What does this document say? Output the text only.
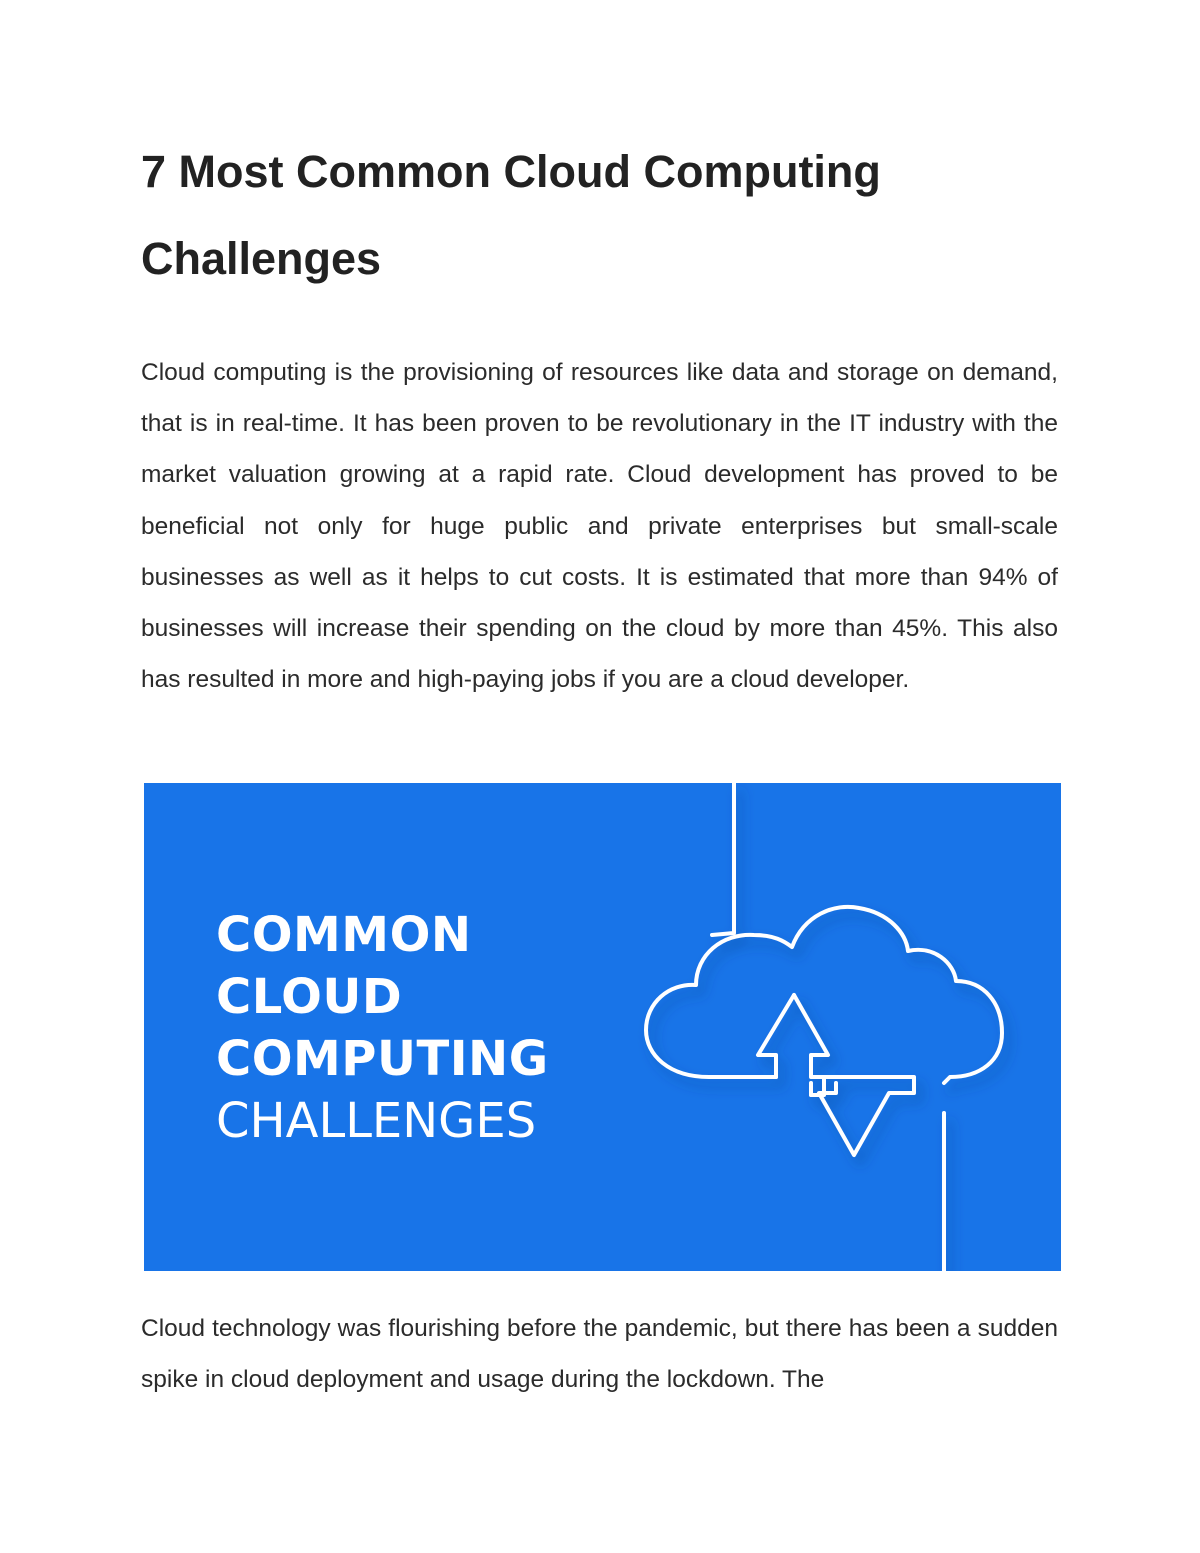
7 Most Common Cloud Computing Challenges

Cloud computing is the provisioning of resources like data and storage on demand, that is in real-time. It has been proven to be revolutionary in the IT industry with the market valuation growing at a rapid rate. Cloud development has proved to be beneficial not only for huge public and private enterprises but small-scale businesses as well as it helps to cut costs. It is estimated that more than 94% of businesses will increase their spending on the cloud by more than 45%. This also has resulted in more and high-paying jobs if you are a cloud developer.

COMMON
CLOUD
COMPUTING
CHALLENGES

Cloud technology was flourishing before the pandemic, but there has been a sudden spike in cloud deployment and usage during the lockdown. The
